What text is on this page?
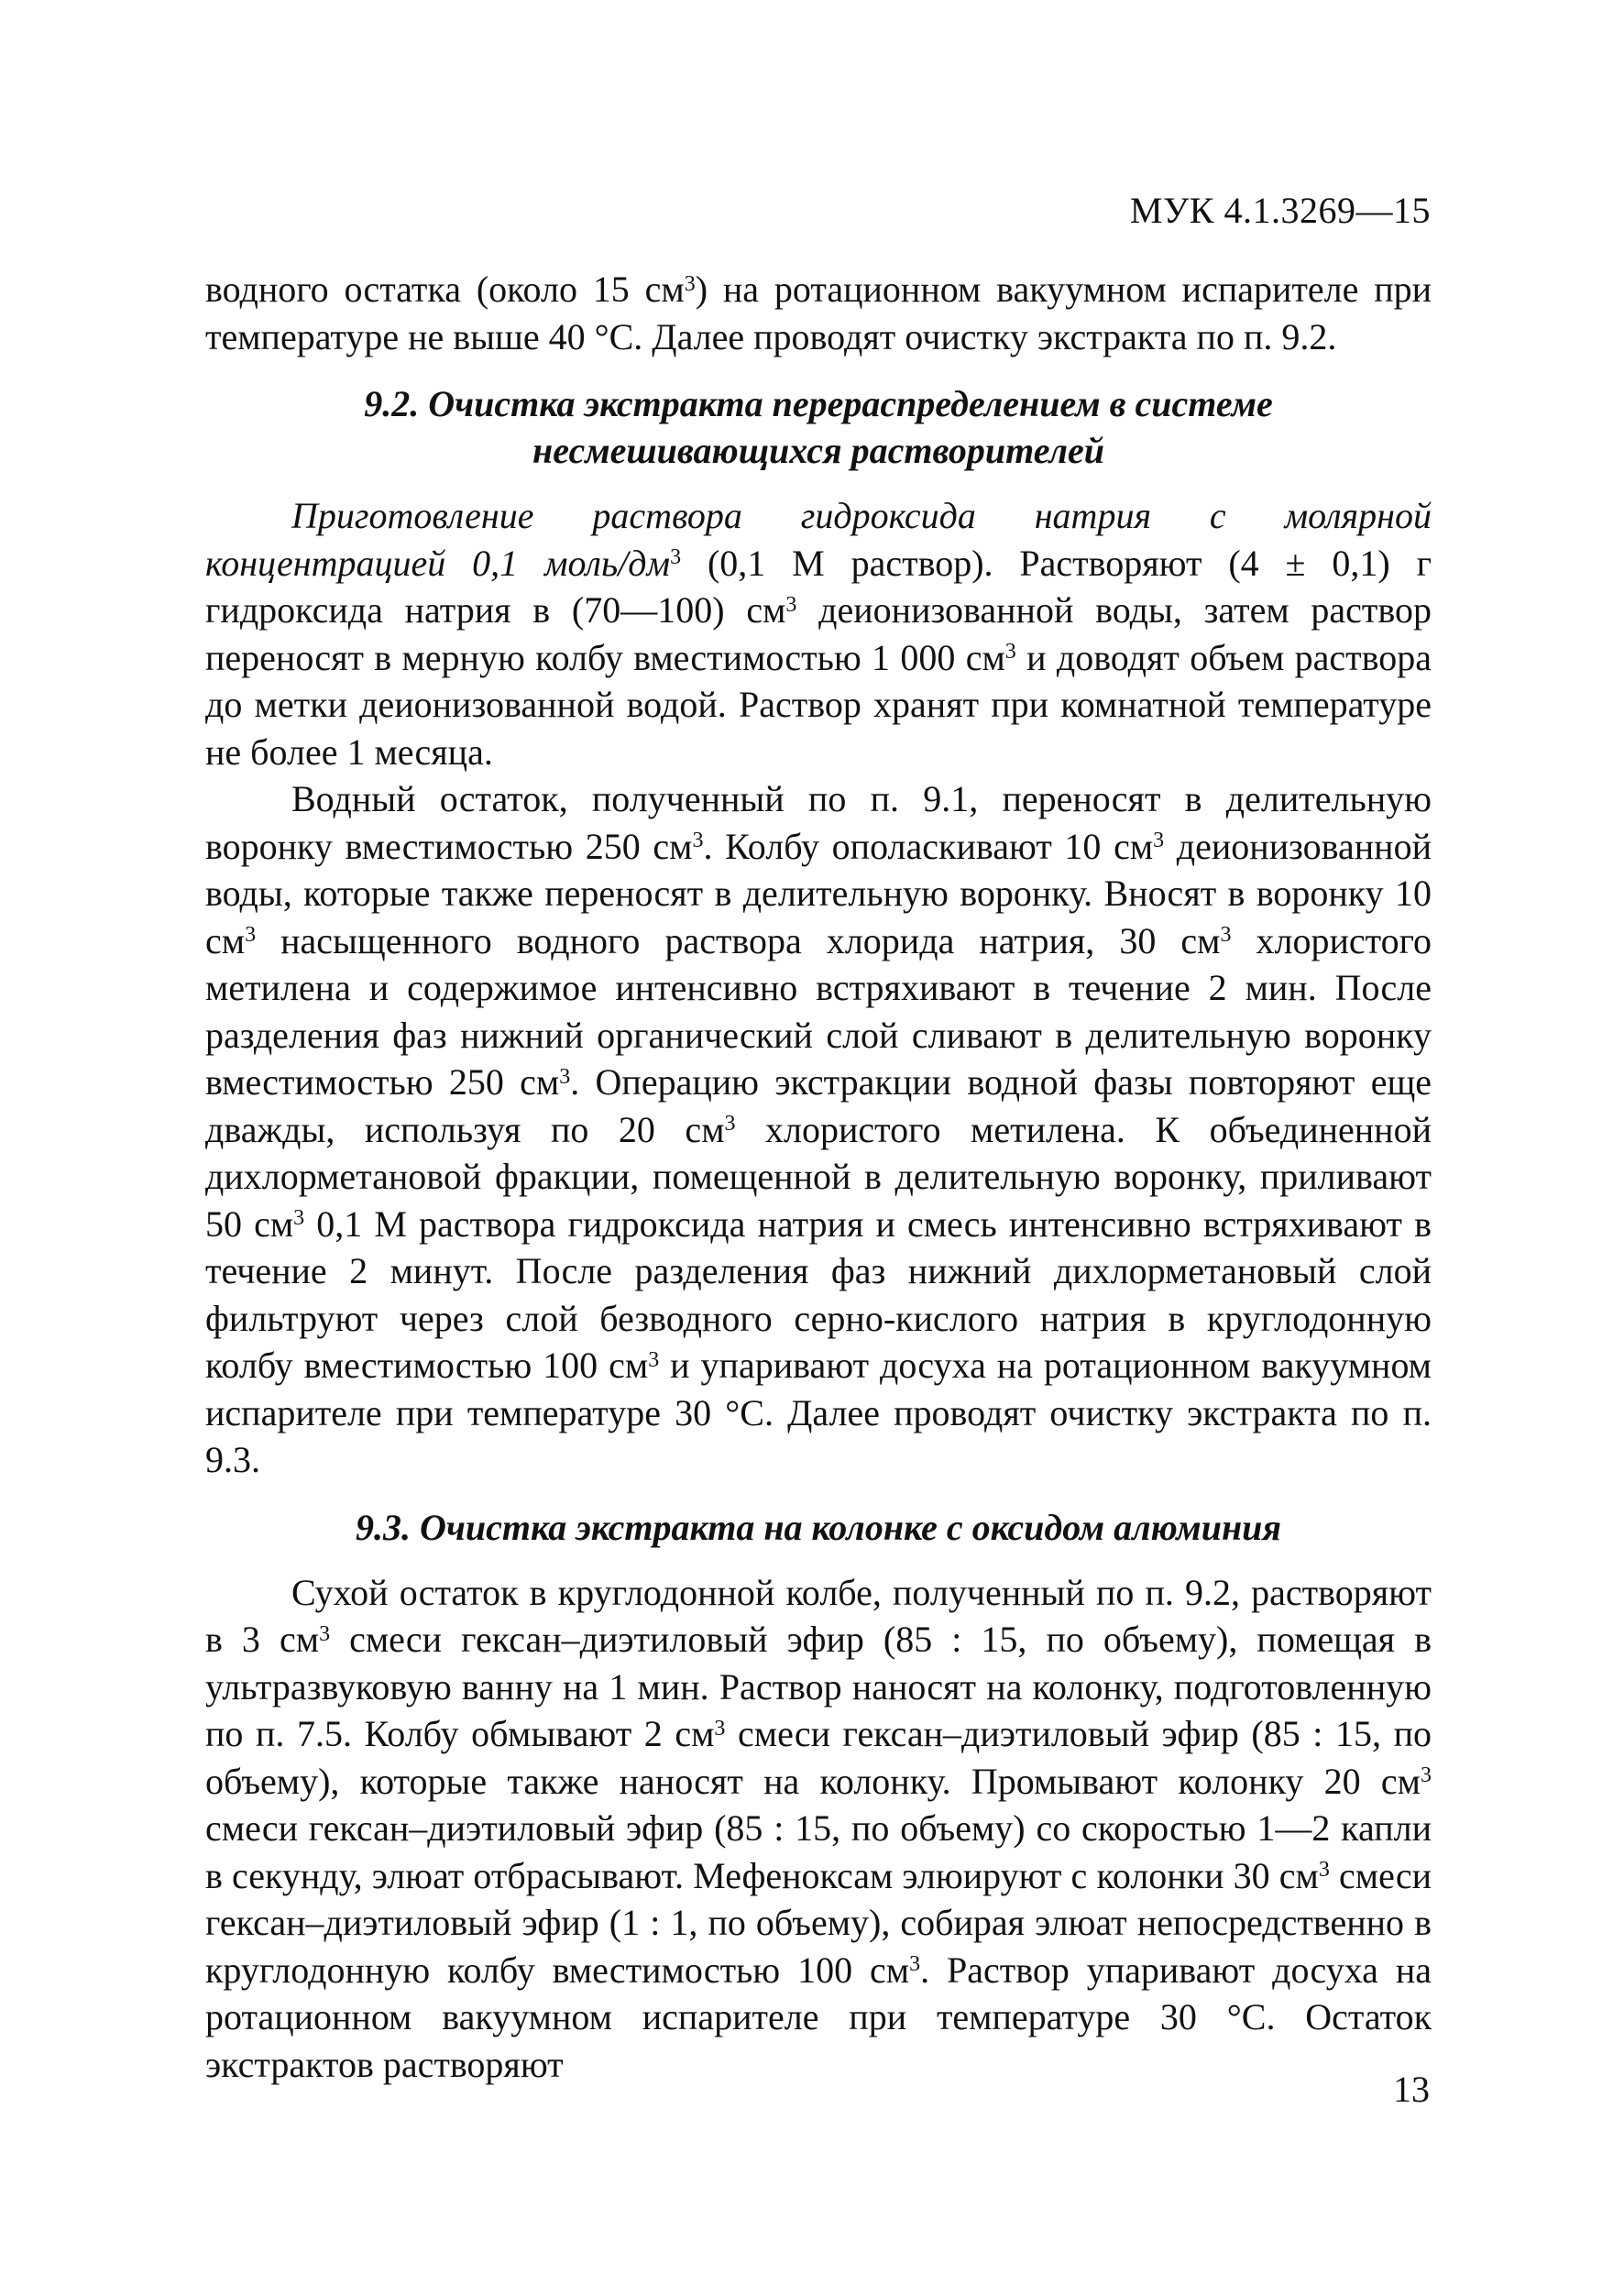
МУК 4.1.3269—15

водного остатка (около 15 $см^3$) на ротационном вакуумном испарителе при температуре не выше 40 °C. Далее проводят очистку экстракта по п. 9.2.

9.2. Очистка экстракта перераспределением в системе
несмешивающихся растворителей

Приготовление раствора гидроксида натрия с молярной концентрацией 0,1 моль/$дм^3$ (0,1 М раствор). Растворяют (4 ± 0,1) г гидроксида натрия в (70—100) $см^3$ деионизованной воды, затем раствор переносят в мерную колбу вместимостью 1 000 $см^3$ и доводят объем раствора до метки деионизованной водой. Раствор хранят при комнатной температуре не более 1 месяца.

Водный остаток, полученный по п. 9.1, переносят в делительную воронку вместимостью 250 $см^3$. Колбу ополаскивают 10 $см^3$ деионизованной воды, которые также переносят в делительную воронку. Вносят в воронку 10 $см^3$ насыщенного водного раствора хлорида натрия, 30 $см^3$ хлористого метилена и содержимое интенсивно встряхивают в течение 2 мин. После разделения фаз нижний органический слой сливают в делительную воронку вместимостью 250 $см^3$. Операцию экстракции водной фазы повторяют еще дважды, используя по 20 $см^3$ хлористого метилена. К объединенной дихлорметановой фракции, помещенной в делительную воронку, приливают 50 $см^3$ 0,1 М раствора гидроксида натрия и смесь интенсивно встряхивают в течение 2 минут. После разделения фаз нижний дихлорметановый слой фильтруют через слой безводного серно-кислого натрия в круглодонную колбу вместимостью 100 $см^3$ и упаривают досуха на ротационном вакуумном испарителе при температуре 30 °C. Далее проводят очистку экстракта по п. 9.3.

9.3. Очистка экстракта на колонке с оксидом алюминия

Сухой остаток в круглодонной колбе, полученный по п. 9.2, растворяют в 3 $см^3$ смеси гексан–диэтиловый эфир (85 : 15, по объему), помещая в ультразвуковую ванну на 1 мин. Раствор наносят на колонку, подготовленную по п. 7.5. Колбу обмывают 2 $см^3$ смеси гексан–диэтиловый эфир (85 : 15, по объему), которые также наносят на колонку. Промывают колонку 20 $см^3$ смеси гексан–диэтиловый эфир (85 : 15, по объему) со скоростью 1—2 капли в секунду, элюат отбрасывают. Мефеноксам элюируют с колонки 30 $см^3$ смеси гексан–диэтиловый эфир (1 : 1, по объему), собирая элюат непосредственно в круглодонную колбу вместимостью 100 $см^3$. Раствор упаривают досуха на ротационном вакуумном испарителе при температуре 30 °C. Остаток экстрактов растворяют

13
